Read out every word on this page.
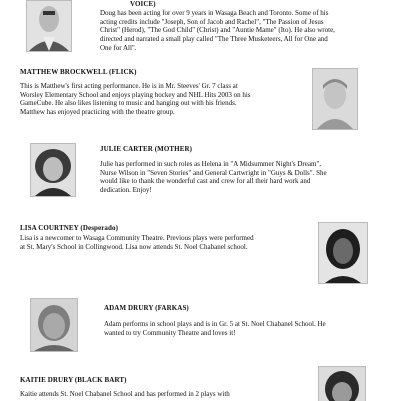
VOICE)
Doug has been acting for over 9 years in Wasaga Beach and Toronto. Some of his
acting credits include "Joseph, Son of Jacob and Rachel", "The Passion of Jesus
Christ" (Herod), "The God Child" (Christ) and "Auntie Mame" (Ito). He also wrote,
directed and narrated a small play called "The Three Musketeers, All for One and
One for All".
MATTHEW BROCKWELL (FLICK)
This is Matthew's first acting performance. He is in Mr. Steeves' Gr. 7 class at
Worsley Elementary School and enjoys playing hockey and NHL Hits 2003 on his
GameCube. He also likes listening to music and hanging out with his friends.
Matthew has enjoyed practicing with the theatre group.
JULIE CARTER (MOTHER)
Julie has performed in such roles as Helena in "A Midsummer Night's Dream",
Nurse Wilson in "Seven Stories" and General Cartwright in "Guys & Dolls". She
would like to thank the wonderful cast and crew for all their hard work and
dedication. Enjoy!
LISA COURTNEY (Desperado)
Lisa is a newcomer to Wasaga Community Theatre. Previous plays were performed
at St. Mary's School in Collingwood. Lisa now attends St. Noel Chabanel school.
ADAM DRURY (FARKAS)
Adam performs in school plays and is in Gr. 5 at St. Noel Chabanel School. He
wanted to try Community Theatre and loves it!
KAITIE DRURY (BLACK BART)
Kaitie attends St. Noel Chabanel School and has performed in 2 plays with
